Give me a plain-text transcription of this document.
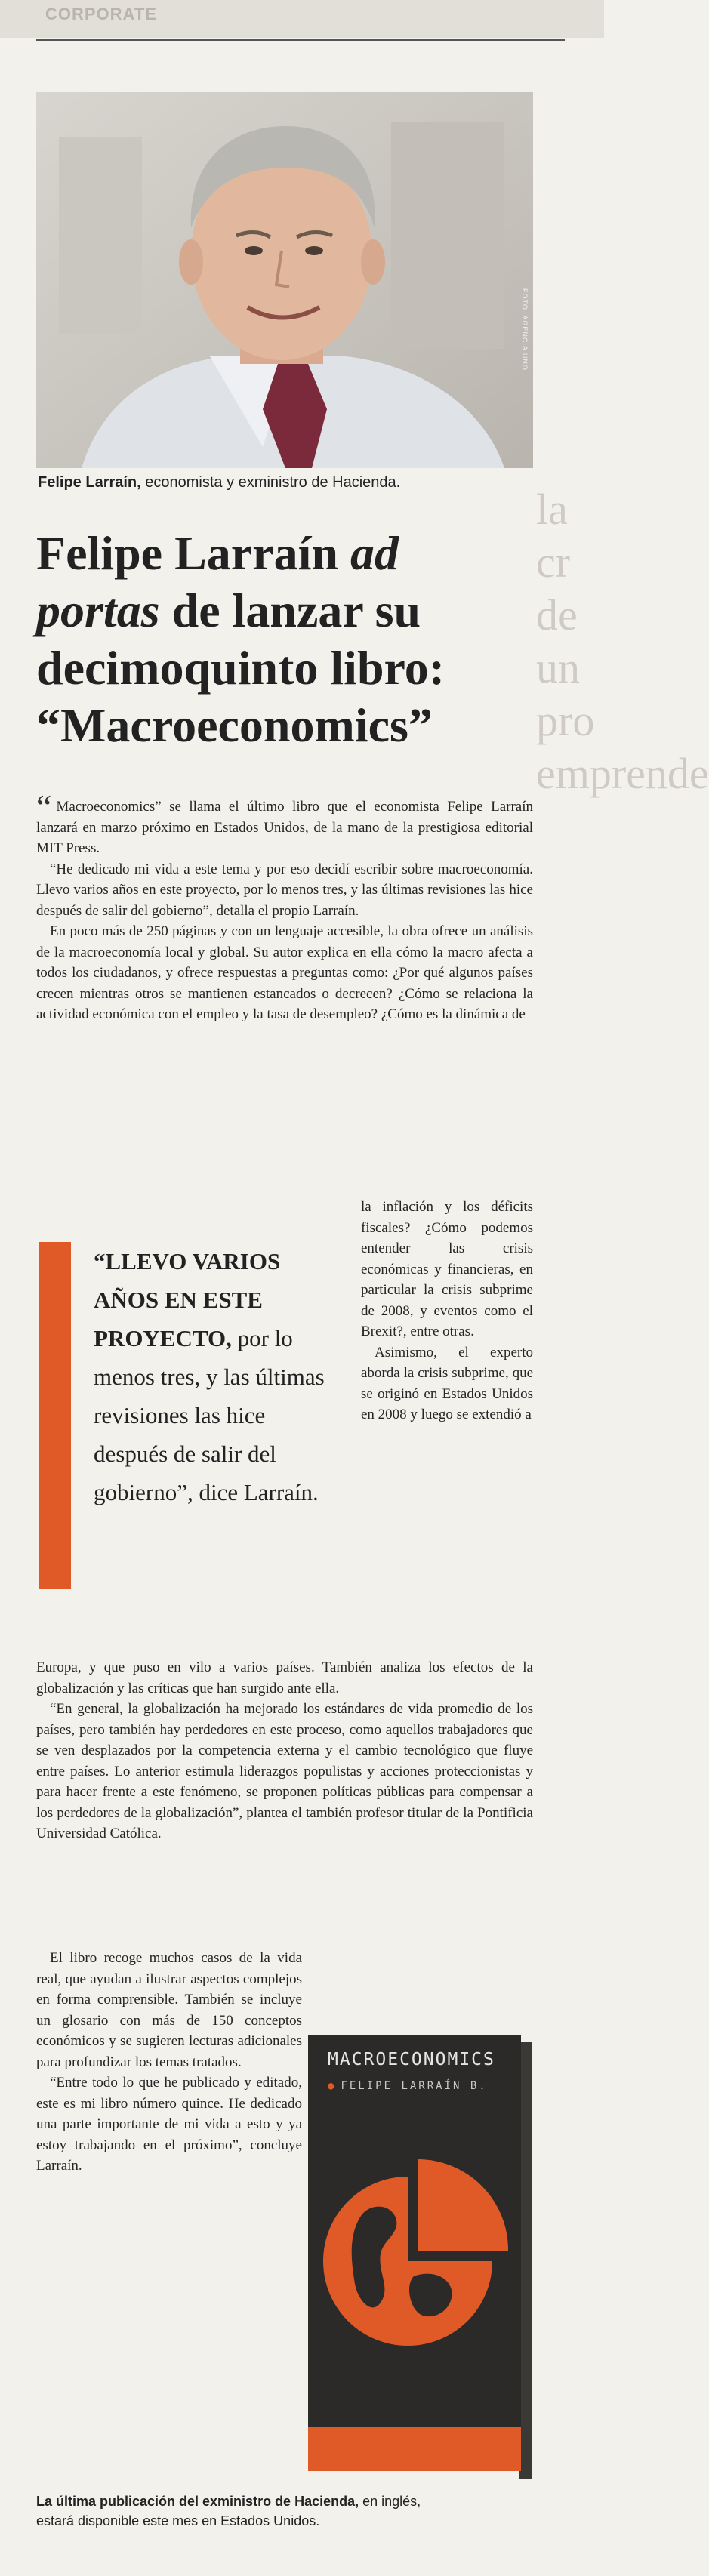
CORPORATE
FOTO: AGENCIA UNO
Felipe Larraín, economista y exministro de Hacienda.
la cr de un pro emprende
Felipe Larraín ad portas de lanzar su decimoquinto libro: “Macroeconomics”

“ Macroeconomics” se llama el último libro que el economista Felipe Larraín lanzará en marzo próximo en Estados Unidos, de la mano de la prestigiosa editorial MIT Press.

“He dedicado mi vida a este tema y por eso decidí escribir sobre macroeconomía. Llevo varios años en este proyecto, por lo menos tres, y las últimas revisiones las hice después de salir del gobierno”, detalla el propio Larraín.

En poco más de 250 páginas y con un lenguaje accesible, la obra ofrece un análisis de la macroeconomía local y global. Su autor explica en ella cómo la macro afecta a todos los ciudadanos, y ofrece respuestas a preguntas como: ¿Por qué algunos países crecen mientras otros se mantienen estancados o decrecen? ¿Cómo se relaciona la actividad económica con el empleo y la tasa de desempleo? ¿Cómo es la dinámica de

“LLEVO VARIOS AÑOS EN ESTE PROYECTO, por lo menos tres, y las últimas revisiones las hice después de salir del gobierno”, dice Larraín.

la inflación y los déficits fiscales? ¿Cómo podemos entender las crisis económicas y financieras, en particular la crisis subprime de 2008, y eventos como el Brexit?, entre otras.

Asimismo, el experto aborda la crisis subprime, que se originó en Estados Unidos en 2008 y luego se extendió a

Europa, y que puso en vilo a varios países. También analiza los efectos de la globalización y las críticas que han surgido ante ella.

“En general, la globalización ha mejorado los estándares de vida promedio de los países, pero también hay perdedores en este proceso, como aquellos trabajadores que se ven desplazados por la competencia externa y el cambio tecnológico que fluye entre países. Lo anterior estimula liderazgos populistas y acciones proteccionistas y para hacer frente a este fenómeno, se proponen políticas públicas para compensar a los perdedores de la globalización”, plantea el también profesor titular de la Pontificia Universidad Católica.

El libro recoge muchos casos de la vida real, que ayudan a ilustrar aspectos complejos en forma comprensible. También se incluye un glosario con más de 150 conceptos económicos y se sugieren lecturas adicionales para profundizar los temas tratados.

“Entre todo lo que he publicado y editado, este es mi libro número quince. He dedicado una parte importante de mi vida a esto y ya estoy trabajando en el próximo”, concluye Larraín.

MACROECONOMICS
● FELIPE LARRAÍN B.
La última publicación del exministro de Hacienda, en inglés, estará disponible este mes en Estados Unidos.
